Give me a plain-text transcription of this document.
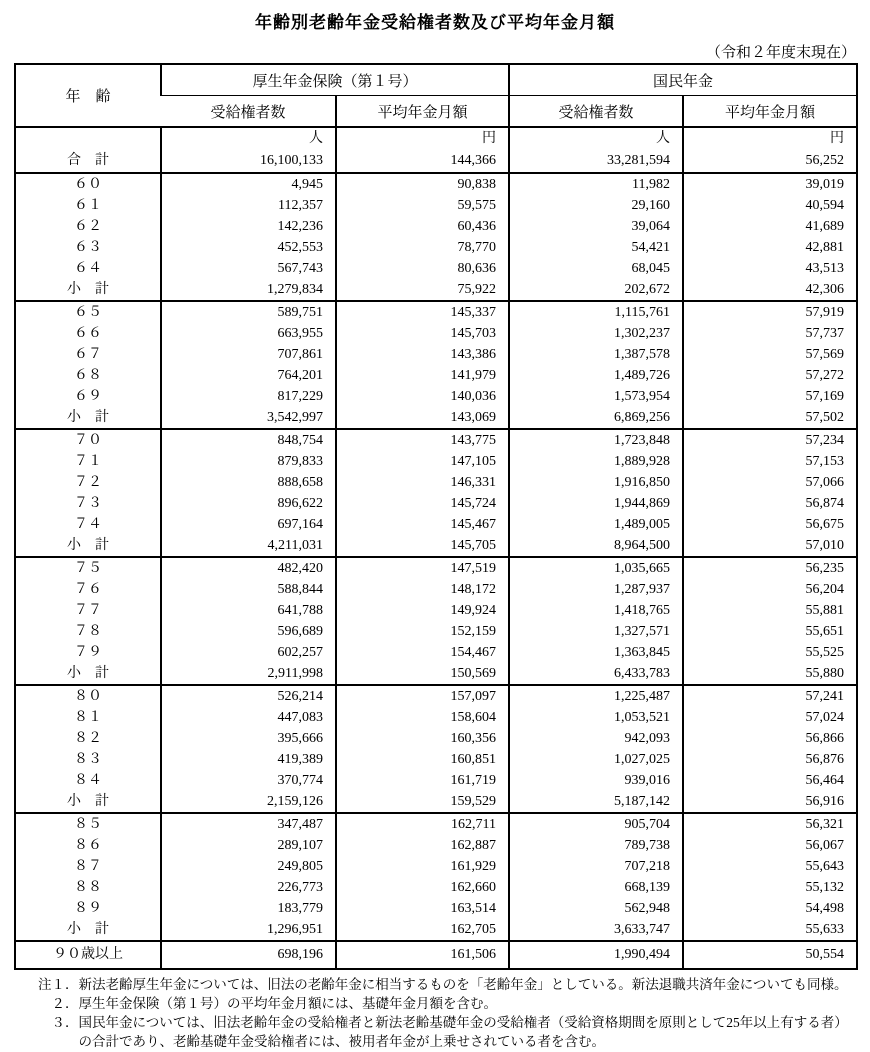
年齢別老齢年金受給権者数及び平均年金月額
（令和２年度末現在）
年　齢	厚生年金保険（第１号）		国民年金	
	受給権者数	平均年金月額	受給権者数	平均年金月額
	人	円	人	円
合　計	16,100,133	144,366	33,281,594	56,252
６０	4,945	90,838	11,982	39,019
６１	112,357	59,575	29,160	40,594
６２	142,236	60,436	39,064	41,689
６３	452,553	78,770	54,421	42,881
６４	567,743	80,636	68,045	43,513
小　計	1,279,834	75,922	202,672	42,306
６５	589,751	145,337	1,115,761	57,919
６６	663,955	145,703	1,302,237	57,737
６７	707,861	143,386	1,387,578	57,569
６８	764,201	141,979	1,489,726	57,272
６９	817,229	140,036	1,573,954	57,169
小　計	3,542,997	143,069	6,869,256	57,502
７０	848,754	143,775	1,723,848	57,234
７１	879,833	147,105	1,889,928	57,153
７２	888,658	146,331	1,916,850	57,066
７３	896,622	145,724	1,944,869	56,874
７４	697,164	145,467	1,489,005	56,675
小　計	4,211,031	145,705	8,964,500	57,010
７５	482,420	147,519	1,035,665	56,235
７６	588,844	148,172	1,287,937	56,204
７７	641,788	149,924	1,418,765	55,881
７８	596,689	152,159	1,327,571	55,651
７９	602,257	154,467	1,363,845	55,525
小　計	2,911,998	150,569	6,433,783	55,880
８０	526,214	157,097	1,225,487	57,241
８１	447,083	158,604	1,053,521	57,024
８２	395,666	160,356	942,093	56,866
８３	419,389	160,851	1,027,025	56,876
８４	370,774	161,719	939,016	56,464
小　計	2,159,126	159,529	5,187,142	56,916
８５	347,487	162,711	905,704	56,321
８６	289,107	162,887	789,738	56,067
８７	249,805	161,929	707,218	55,643
８８	226,773	162,660	668,139	55,132
８９	183,779	163,514	562,948	54,498
小　計	1,296,951	162,705	3,633,747	55,633
９０歳以上	698,196	161,506	1,990,494	50,554
注１． 新法老齢厚生年金については、旧法の老齢年金に相当するものを「老齢年金」としている。新法退職共済年金についても同様。
　２． 厚生年金保険（第１号）の平均年金月額には、基礎年金月額を含む。
　３． 国民年金については、旧法老齢年金の受給権者と新法老齢基礎年金の受給権者（受給資格期間を原則として25年以上有する者）の合計であり、老齢基礎年金受給権者には、被用者年金が上乗せされている者を含む。
